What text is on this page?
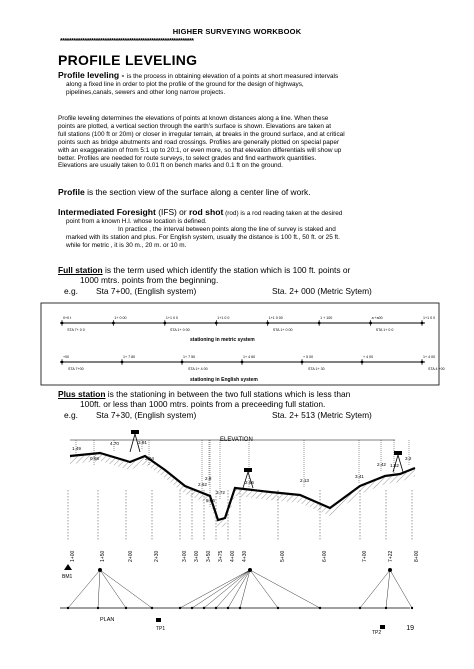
HIGHER SURVEYING WORKBOOK
************************************************************
PROFILE LEVELING
Profile leveling - is the process in obtaining elevation of a points at short measured intervals
along a fixed line in order to plot the profile of the ground for the design of highways,
pipelines,canals, sewers and other long narrow projects.
Profile leveling determines the elevations of points at known distances along a line. When these
points are plotted, a vertical section through the earth's surface is shown. Elevations are taken at
full stations (100 ft or 20m) or closer in irregular terrain, at breaks in the ground surface, and at critical
points such as bridge abutments and road crossings. Profiles are generally plotted on special paper
with an exaggeration of from 5:1 up to 20:1, or even more, so that elevation differentials will show up
better. Profiles are needed for route surveys, to select grades and find earthwork quantities.
Elevations are usually taken to 0.01 ft on bench marks and 0.1 ft on the ground.
Profile is the section view of the surface along a center line of work.
Intermediated Foresight (IFS) or rod shot (rod) is a rod reading taken at the desired
point from a known H.I. whose location is defined.
In practice , the interval between points along the line of survey is staked and
marked with its station and plus. For English system, usually the distance is 100 ft., 50 ft. or 25 ft.
while for metric , it is 30 m., 20 m. or 10 m.
Full station is the term used which identify the station which is 100 ft. points or
1000 mtrs. points from the beginning.
e.g. Sta 7+00, (English system)	Sta. 2+ 000 (Metric Sytem)
0+0 t	1+ 0 00	1+1 0 0	1+1 0 0	1+1 0 00	1 + 100	a +a00	1+1 0 0
STA 7+ 0 0	STA 1+ 0 00	STA 1+ 0 00	STA 1+ 0 0
stationing in metric system
+00	1+ 7 80	1+ 7 50	1+ 4 60	+ 5 00	+ 4 00	1+ 4 00
STA 7+00	STA 1+ 4 00	STA 1+ 30	STA 4 +00
stationing in English system
Plus station is the stationing in between the two full stations which is less than
100ft. or less than 1000 mtrs. points from a preceeding full station.
e.g. Sta 7+30, (English system)	Sta. 2+ 513 (Metric Sytem)
ELEVATION
1.49
0.68
4.70	3.91
2.04
2.62
2.8
3.72
8.06
2.56	2.13
3.41
2.42 1.62
3.2
1+00	1+50	2+00	2+30	3+00 3+00 3+50 3+75 4+00 4+30	5+00	6+00	7+00	7+22	8+00
PLAN
BM1
TP1
TP2
19
